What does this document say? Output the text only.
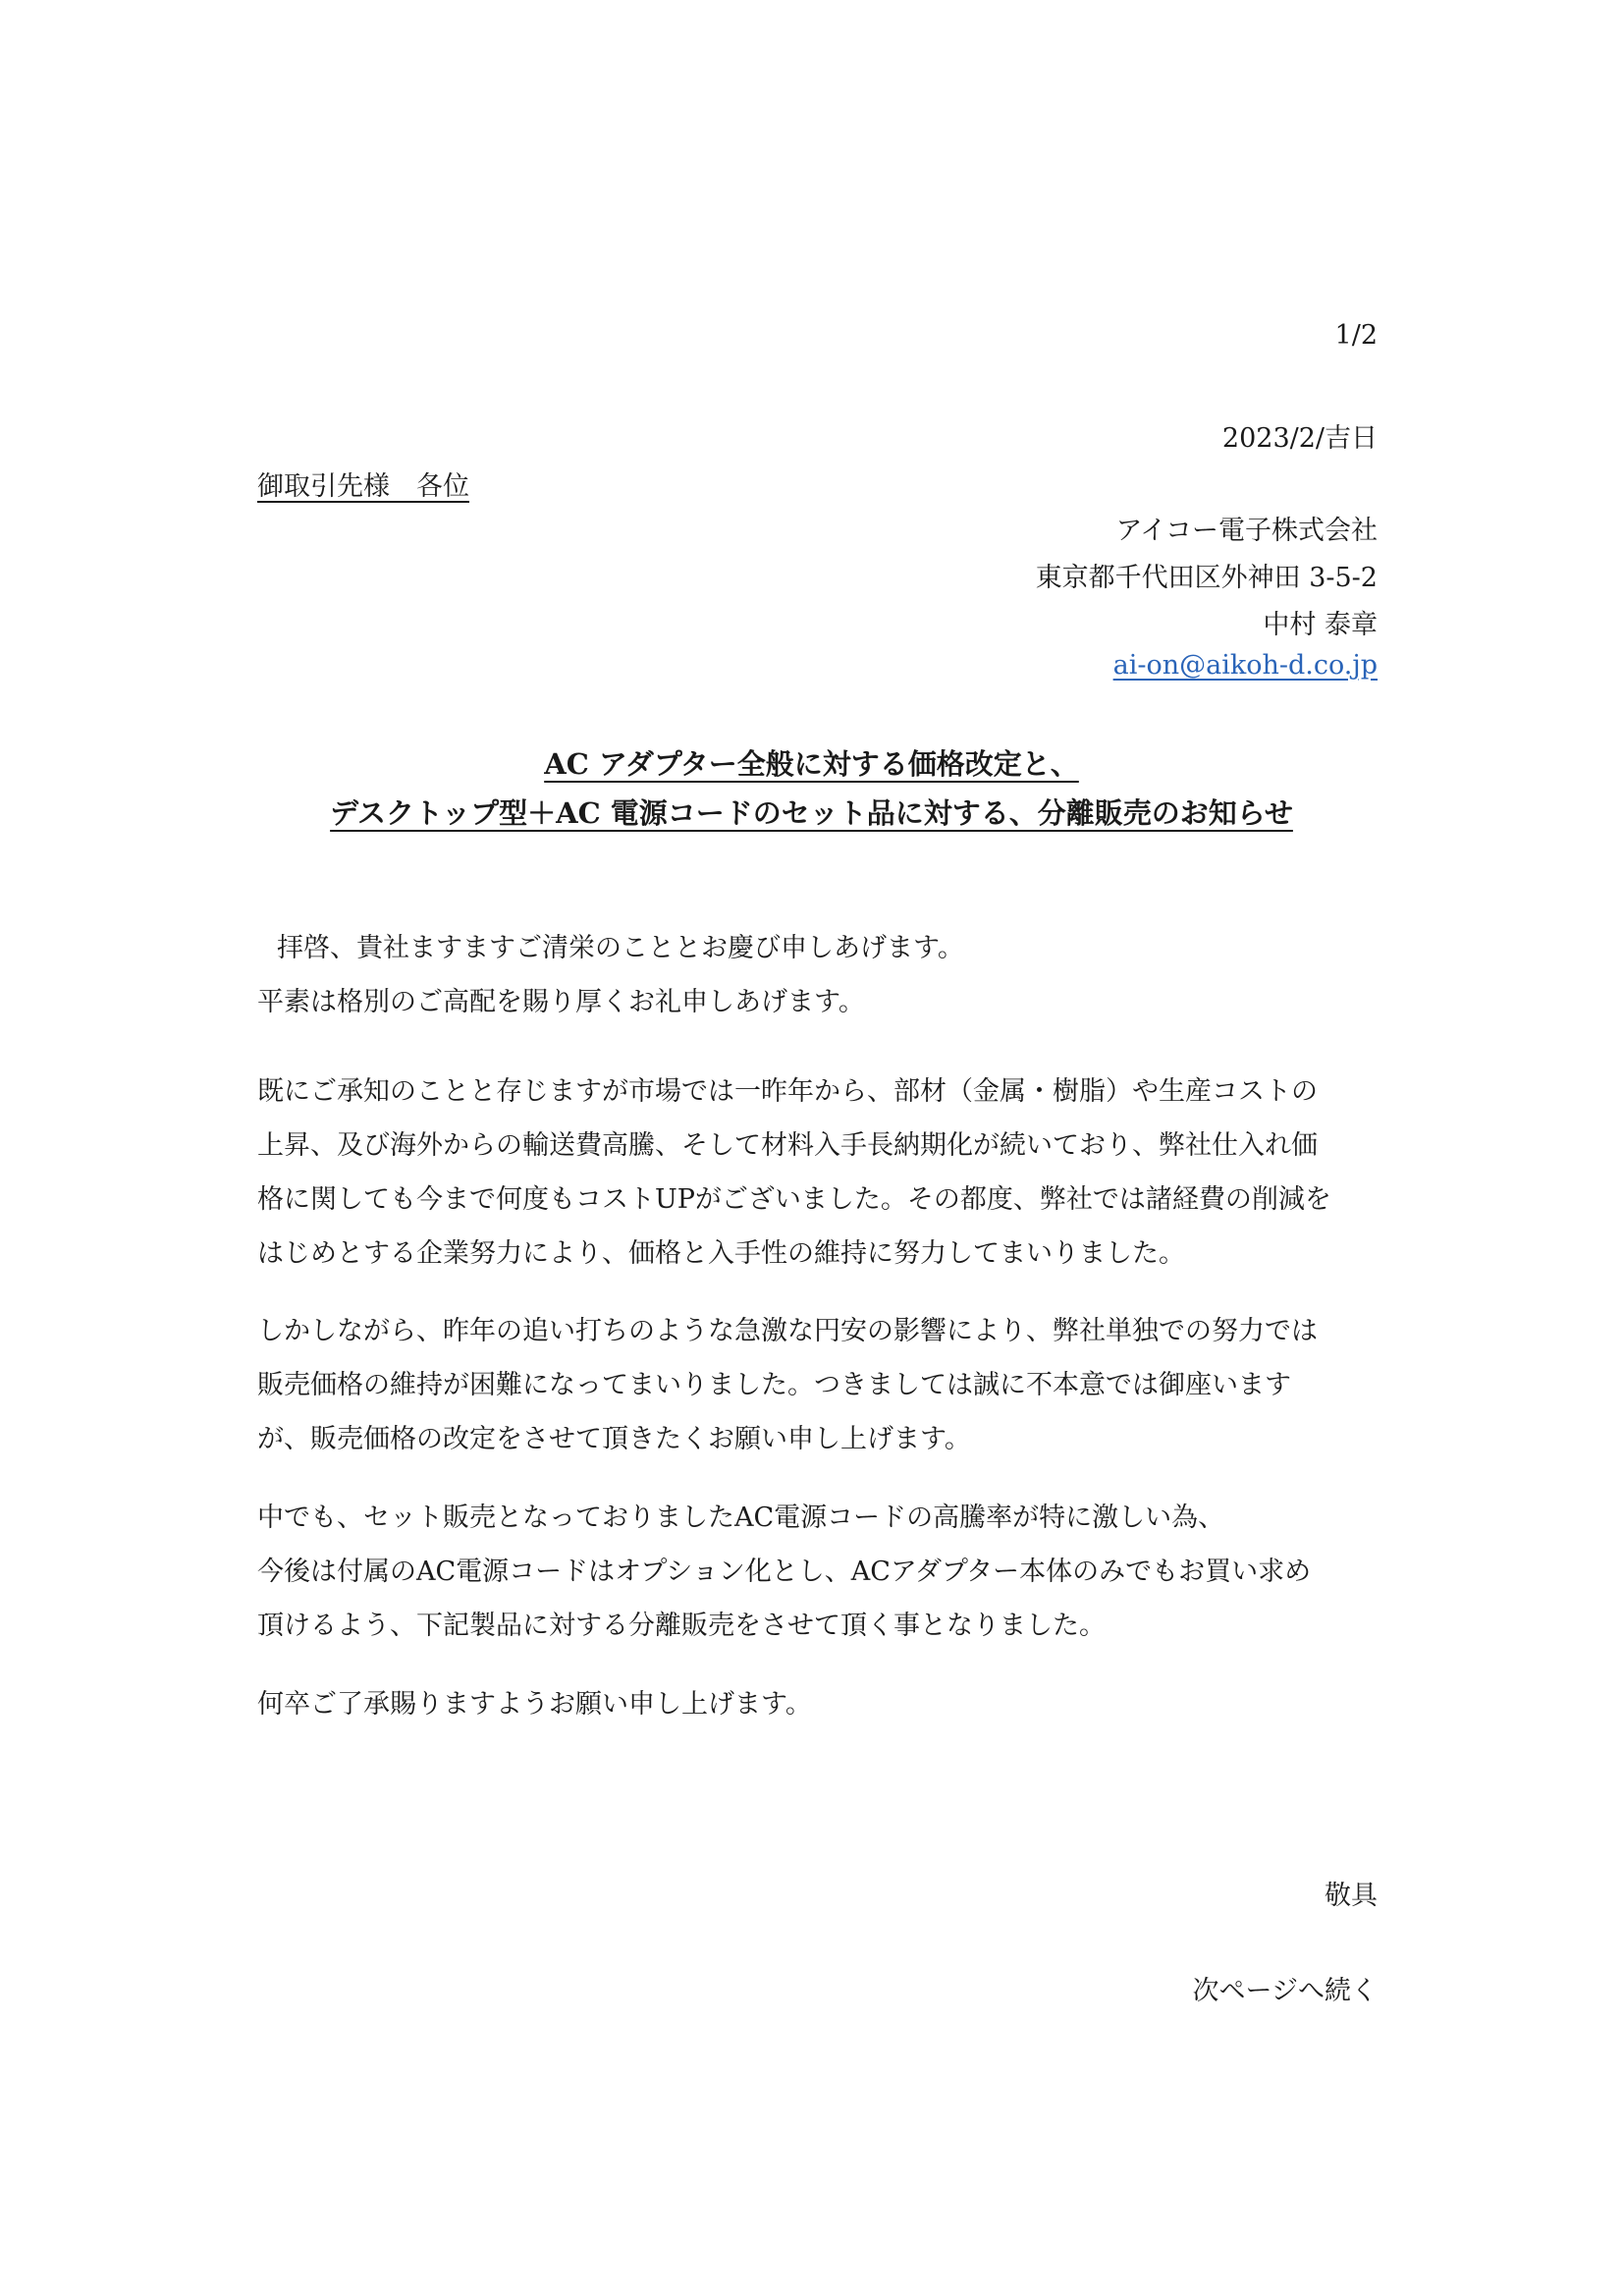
1/2
2023/2/吉日
御取引先様　各位
アイコー電子株式会社
東京都千代田区外神田 3-5-2
中村 泰章
ai-on@aikoh-d.co.jp
AC アダプター全般に対する価格改定と、
デスクトップ型＋AC 電源コードのセット品に対する、分離販売のお知らせ
拝啓、貴社ますますご清栄のこととお慶び申しあげます。
平素は格別のご高配を賜り厚くお礼申しあげます。
既にご承知のことと存じますが市場では一昨年から、部材（金属・樹脂）や生産コストの
上昇、及び海外からの輸送費高騰、そして材料入手長納期化が続いており、弊社仕入れ価
格に関しても今まで何度もコストUPがございました。その都度、弊社では諸経費の削減を
はじめとする企業努力により、価格と入手性の維持に努力してまいりました。
しかしながら、昨年の追い打ちのような急激な円安の影響により、弊社単独での努力では
販売価格の維持が困難になってまいりました。つきましては誠に不本意では御座います
が、販売価格の改定をさせて頂きたくお願い申し上げます。
中でも、セット販売となっておりましたAC電源コードの高騰率が特に激しい為、
今後は付属のAC電源コードはオプション化とし、ACアダプター本体のみでもお買い求め
頂けるよう、下記製品に対する分離販売をさせて頂く事となりました。
何卒ご了承賜りますようお願い申し上げます。
敬具
次ページへ続く
